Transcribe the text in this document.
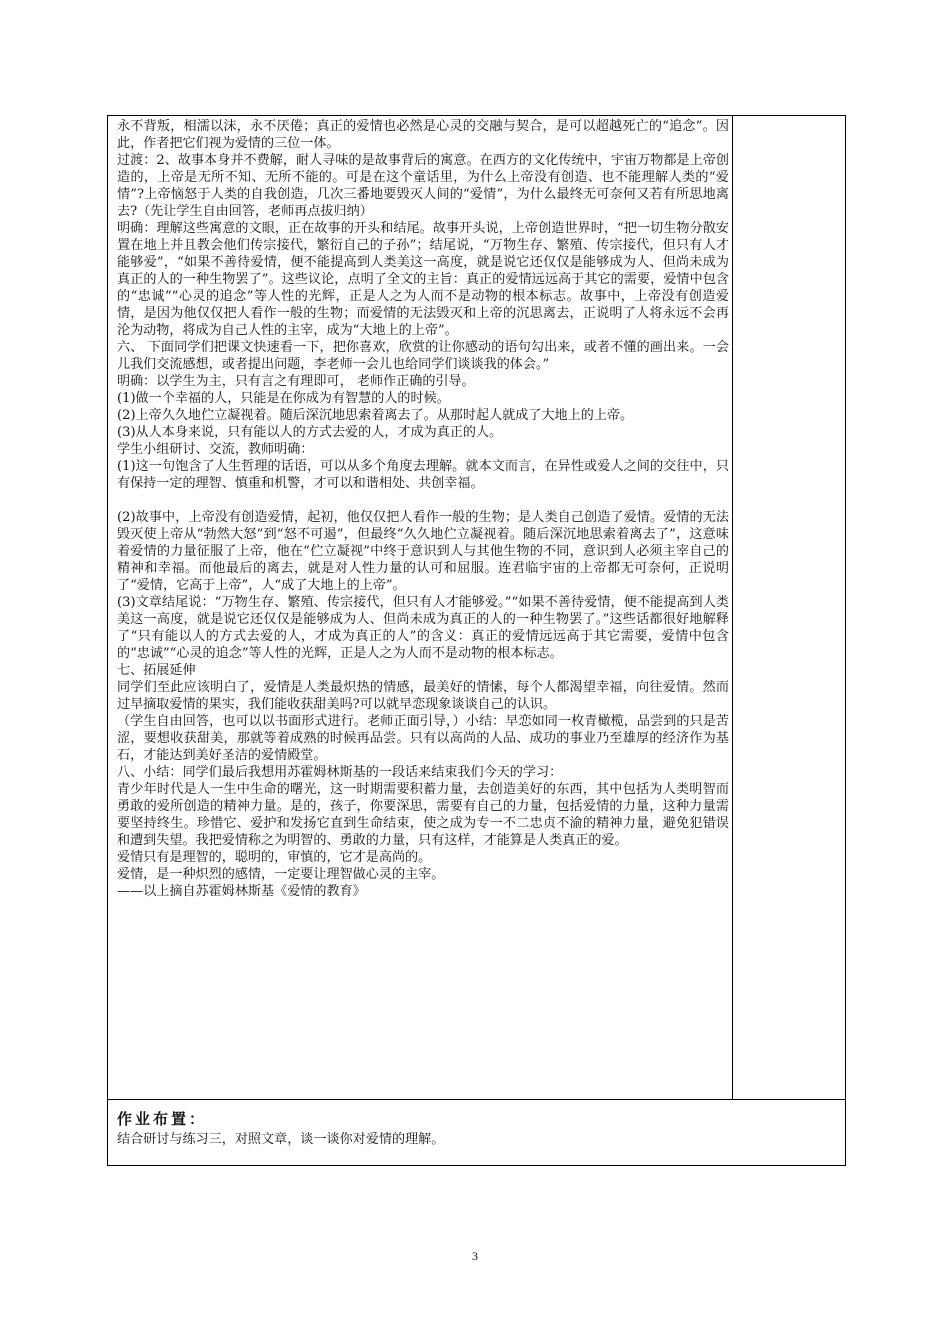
永不背叛，相濡以沫，永不厌倦；真正的爱情也必然是心灵的交融与契合，是可以超越死亡的“追念”。因此，作者把它们视为爱情的三位一体。

过渡：2、故事本身并不费解，耐人寻味的是故事背后的寓意。在西方的文化传统中，宇宙万物都是上帝创造的，上帝是无所不知、无所不能的。可是在这个童话里，为什么上帝没有创造、也不能理解人类的“爱情”?上帝恼怒于人类的自我创造，几次三番地要毁灭人间的“爱情”，为什么最终无可奈何又若有所思地离去?（先让学生自由回答，老师再点拔归纳）

明确：理解这些寓意的文眼，正在故事的开头和结尾。故事开头说，上帝创造世界时，“把一切生物分散安置在地上并且教会他们传宗接代，繁衍自己的子孙”；结尾说，“万物生存、繁殖、传宗接代，但只有人才能够爱”，“如果不善待爱情，便不能提高到人类美这一高度，就是说它还仅仅是能够成为人、但尚未成为真正的人的一种生物罢了”。这些议论，点明了全文的主旨：真正的爱情远远高于其它的需要，爱情中包含的“忠诚”“心灵的追念”等人性的光辉，正是人之为人而不是动物的根本标志。故事中，上帝没有创造爱情，是因为他仅仅把人看作一般的生物；而爱情的无法毁灭和上帝的沉思离去，正说明了人将永远不会再沦为动物，将成为自己人性的主宰，成为“大地上的上帝”。

六、 下面同学们把课文快速看一下，把你喜欢，欣赏的让你感动的语句勾出来，或者不懂的画出来。一会儿我们交流感想，或者提出问题，李老师一会儿也给同学们谈谈我的体会。”

明确：以学生为主，只有言之有理即可， 老师作正确的引导。

(1)做一个幸福的人，只能是在你成为有智慧的人的时候。

(2)上帝久久地伫立凝视着。随后深沉地思索着离去了。从那时起人就成了大地上的上帝。

(3)从人本身来说，只有能以人的方式去爱的人，才成为真正的人。

学生小组研讨、交流，教师明确：

(1)这一句饱含了人生哲理的话语，可以从多个角度去理解。就本文而言，在异性或爱人之间的交往中，只有保持一定的理智、慎重和机警，才可以和谐相处、共创幸福。

(2)故事中，上帝没有创造爱情，起初，他仅仅把人看作一般的生物；是人类自己创造了爱情。爱情的无法毁灭使上帝从“勃然大怒”到“怒不可遏”，但最终“久久地伫立凝视着。随后深沉地思索着离去了”，这意味着爱情的力量征服了上帝，他在“伫立凝视”中终于意识到人与其他生物的不同，意识到人必须主宰自己的精神和幸福。而他最后的离去，就是对人性力量的认可和屈服。连君临宇宙的上帝都无可奈何，正说明了“爱情，它高于上帝”，人“成了大地上的上帝”。

(3)文章结尾说：“万物生存、繁殖、传宗接代，但只有人才能够爱。”“如果不善待爱情，便不能提高到人类美这一高度，就是说它还仅仅是能够成为人、但尚未成为真正的人的一种生物罢了。”这些话都很好地解释了“只有能以人的方式去爱的人，才成为真正的人”的含义：真正的爱情远远高于其它需要，爱情中包含的“忠诚”“心灵的追念”等人性的光辉，正是人之为人而不是动物的根本标志。

七、拓展延伸

同学们至此应该明白了，爱情是人类最炽热的情感，最美好的情愫，每个人都渴望幸福，向往爱情。然而过早摘取爱情的果实，我们能收获甜美吗?可以就早恋现象谈谈自己的认识。

（学生自由回答，也可以以书面形式进行。老师正面引导，）小结：早恋如同一枚青橄榄，品尝到的只是苦涩，要想收获甜美，那就等着成熟的时候再品尝。只有以高尚的人品、成功的事业乃至雄厚的经济作为基石，才能达到美好圣洁的爱情殿堂。

八、小结：同学们最后我想用苏霍姆林斯基的一段话来结束我们今天的学习：

青少年时代是人一生中生命的曙光，这一时期需要积蓄力量，去创造美好的东西，其中包括为人类明智而勇敢的爱所创造的精神力量。是的，孩子，你要深思，需要有自己的力量，包括爱情的力量，这种力量需要坚持终生。珍惜它、爱护和发扬它直到生命结束，使之成为专一不二忠贞不渝的精神力量，避免犯错误和遭到失望。我把爱情称之为明智的、勇敢的力量，只有这样，才能算是人类真正的爱。

爱情只有是理智的，聪明的，审慎的，它才是高尚的。

爱情，是一种炽烈的感情，一定要让理智做心灵的主宰。

——以上摘自苏霍姆林斯基《爱情的教育》

作业布置：

结合研讨与练习三，对照文章，谈一谈你对爱情的理解。

3
